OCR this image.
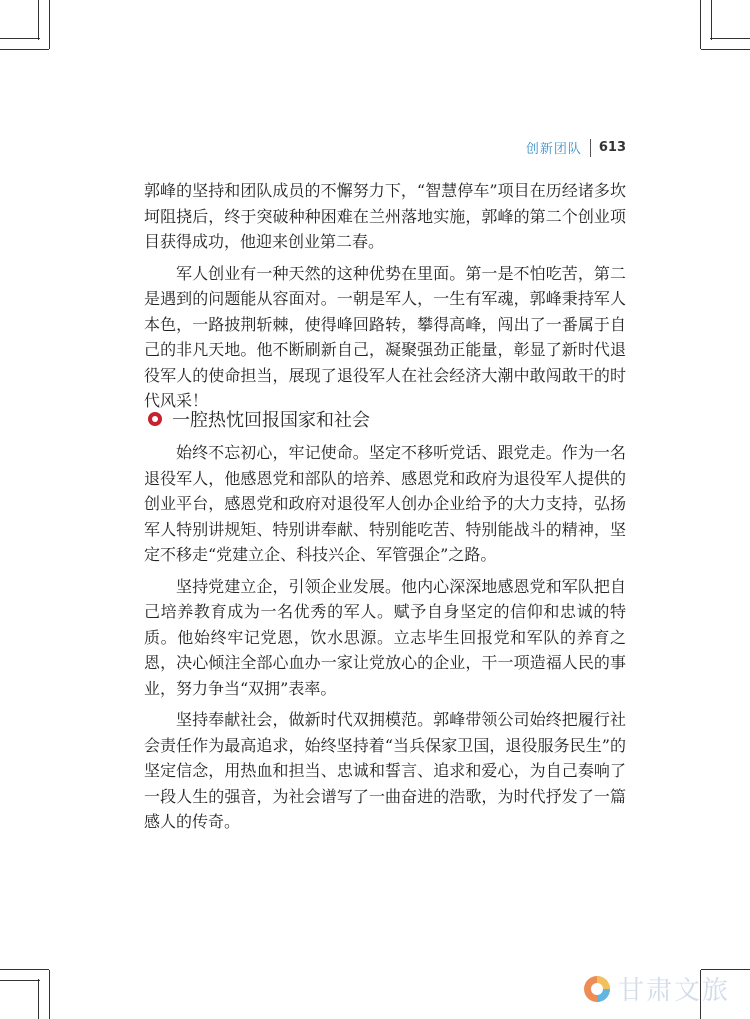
创新团队 613

郭峰的坚持和团队成员的不懈努力下，“智慧停车”项目在历经诸多坎坷阻挠后，终于突破种种困难在兰州落地实施，郭峰的第二个创业项目获得成功，他迎来创业第二春。

军人创业有一种天然的这种优势在里面。第一是不怕吃苦，第二是遇到的问题能从容面对。一朝是军人，一生有军魂，郭峰秉持军人本色，一路披荆斩棘，使得峰回路转，攀得高峰，闯出了一番属于自己的非凡天地。他不断刷新自己，凝聚强劲正能量，彰显了新时代退役军人的使命担当，展现了退役军人在社会经济大潮中敢闯敢干的时代风采！

一腔热忱回报国家和社会

始终不忘初心，牢记使命。坚定不移听党话、跟党走。作为一名退役军人，他感恩党和部队的培养、感恩党和政府为退役军人提供的创业平台，感恩党和政府对退役军人创办企业给予的大力支持，弘扬军人特别讲规矩、特别讲奉献、特别能吃苦、特别能战斗的精神，坚定不移走“党建立企、科技兴企、军管强企”之路。

坚持党建立企，引领企业发展。他内心深深地感恩党和军队把自己培养教育成为一名优秀的军人。赋予自身坚定的信仰和忠诚的特质。他始终牢记党恩，饮水思源。立志毕生回报党和军队的养育之恩，决心倾注全部心血办一家让党放心的企业，干一项造福人民的事业，努力争当“双拥”表率。

坚持奉献社会，做新时代双拥模范。郭峰带领公司始终把履行社会责任作为最高追求，始终坚持着“当兵保家卫国，退役服务民生”的坚定信念，用热血和担当、忠诚和誓言、追求和爱心，为自己奏响了一段人生的强音，为社会谱写了一曲奋进的浩歌，为时代抒发了一篇感人的传奇。

甘肃文旅
